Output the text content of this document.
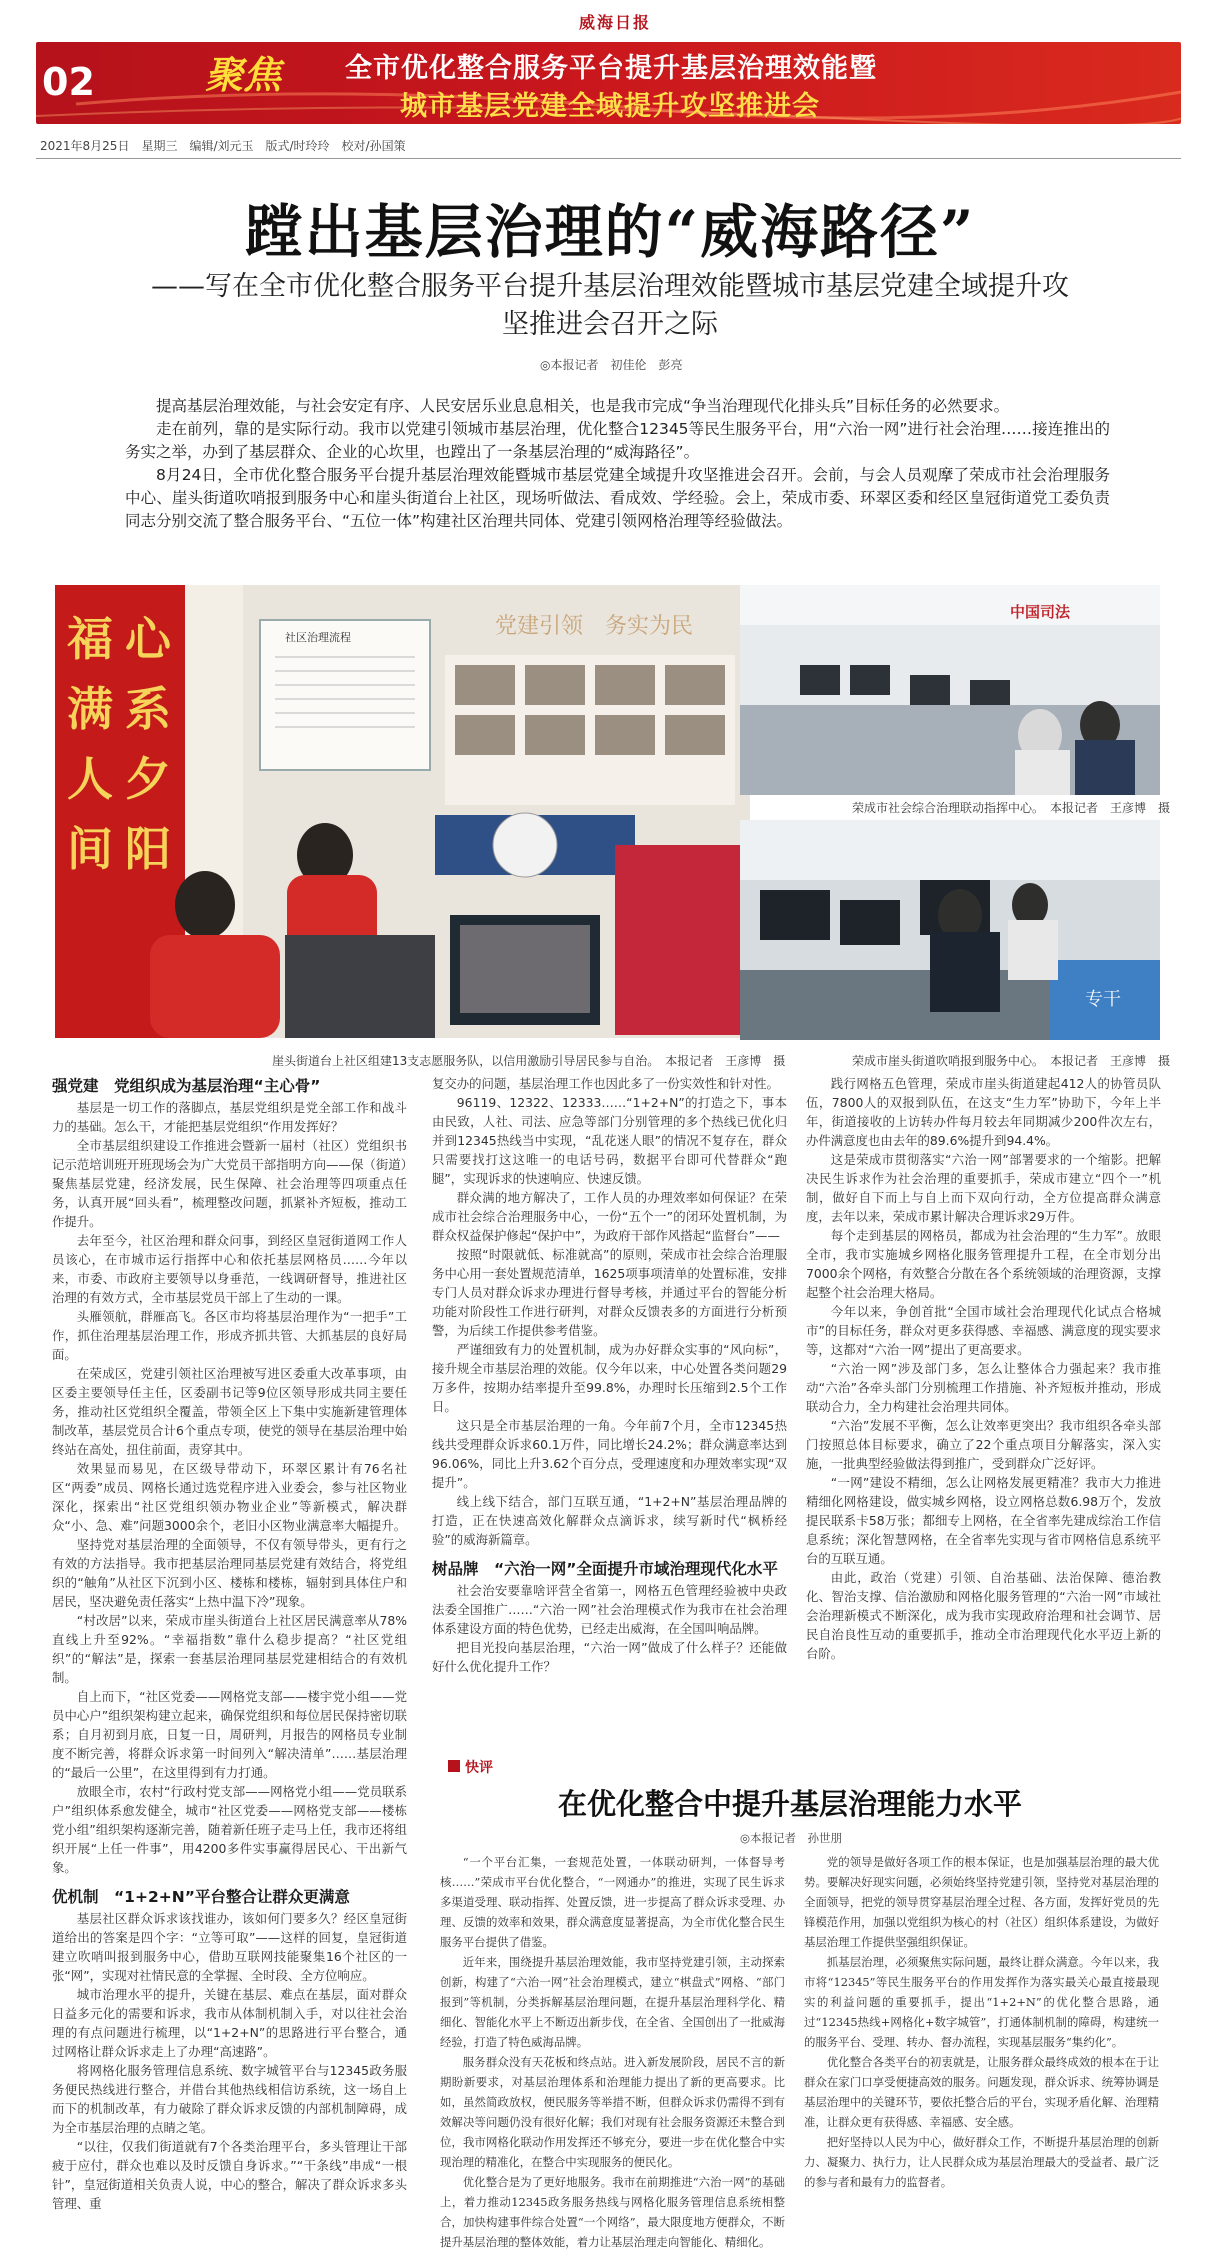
威海日报
02	聚焦 全市优化整合服务平台提升基层治理效能暨
城市基层党建全域提升攻坚推进会
2021年8月25日　星期三　编辑/刘元玉　版式/时玲玲　校对/孙国策
蹚出基层治理的“威海路径”
——写在全市优化整合服务平台提升基层治理效能暨城市基层党建全域提升攻坚推进会召开之际
◎本报记者　初佳伦　彭亮

提高基层治理效能，与社会安定有序、人民安居乐业息息相关，也是我市完成“争当治理现代化排头兵”目标任务的必然要求。

走在前列，靠的是实际行动。我市以党建引领城市基层治理，优化整合12345等民生服务平台，用“六治一网”进行社会治理……接连推出的务实之举，办到了基层群众、企业的心坎里，也蹚出了一条基层治理的“威海路径”。

8月24日，全市优化整合服务平台提升基层治理效能暨城市基层党建全域提升攻坚推进会召开。会前，与会人员观摩了荣成市社会治理服务中心、崖头街道吹哨报到服务中心和崖头街道台上社区，现场听做法、看成效、学经验。会上，荣成市委、环翠区委和经区皇冠街道党工委负责同志分别交流了整合服务平台、“五位一体”构建社区治理共同体、党建引领网格治理等经验做法。

心
系
夕
阳
福
满
人
间
社区治理流程	党建引领　务实为民
崖头街道台上社区组建13支志愿服务队，以信用激励引导居民参与自治。　本报记者　王彦博　摄
中国司法
荣成市社会综合治理联动指挥中心。　本报记者　王彦博　摄
专干
荣成市崖头街道吹哨报到服务中心。　本报记者　王彦博　摄

强党建　党组织成为基层治理“主心骨”

基层是一切工作的落脚点，基层党组织是党全部工作和战斗力的基础。怎么干，才能把基层党组织“作用发挥好？

全市基层组织建设工作推进会暨新一届村（社区）党组织书记示范培训班开班现场会为广大党员干部指明方向——保（街道）聚焦基层党建，经济发展，民生保障、社会治理等四项重点任务，认真开展“回头看”，梳理整改问题，抓紧补齐短板，推动工作提升。

去年至今，社区治理和群众问事，到经区皇冠街道网工作人员该心，在市城市运行指挥中心和依托基层网格员……今年以来，市委、市政府主要领导以身垂范，一线调研督导，推进社区治理的有效方式，全市基层党员干部上了生动的一课。

头雁领航，群雁高飞。各区市均将基层治理作为“一把手”工作，抓住治理基层治理工作，形成齐抓共管、大抓基层的良好局面。

在荣成区，党建引领社区治理被写进区委重大改革事项，由区委主要领导任主任，区委副书记等9位区领导形成共同主要任务，推动社区党组织全覆盖，带领全区上下集中实施新建管理体制改革，基层党员合计6个重点专项，使党的领导在基层治理中始终站在高处，扭住前面，责穿其中。

效果显而易见，在区级导带动下，环翠区累计有76名社区“两委”成员、网格长通过选党程序进入业委会，参与社区物业深化，探索出“社区党组织领办物业企业”等新模式，解决群众“小、急、难”问题3000余个，老旧小区物业满意率大幅提升。

坚持党对基层治理的全面领导，不仅有领导带头，更有行之有效的方法指导。我市把基层治理同基层党建有效结合，将党组织的“触角”从社区下沉到小区、楼栋和楼栋，辐射到具体住户和居民，坚决避免责任落实“上热中温下冷”现象。

“村改居”以来，荣成市崖头街道台上社区居民满意率从78%直线上升至92%。“幸福指数”靠什么稳步提高？“社区党组织”的“解法”是，探索一套基层治理同基层党建相结合的有效机制。

自上而下，“社区党委——网格党支部——楼宇党小组——党员中心户”组织架构建立起来，确保党组织和每位居民保持密切联系；自月初到月底，日复一日，周研判，月报告的网格员专业制度不断完善，将群众诉求第一时间列入“解决清单”……基层治理的“最后一公里”，在这里得到有力打通。

放眼全市，农村“行政村党支部——网格党小组——党员联系户”组织体系愈发健全，城市“社区党委——网格党支部——楼栋党小组”组织架构逐渐完善，随着新任班子走马上任，我市还将组织开展“上任一件事”，用4200多件实事赢得居民心、干出新气象。

优机制　“1+2+N”平台整合让群众更满意

基层社区群众诉求该找谁办，该如何门要多久？经区皇冠街道给出的答案是四个字：“立等可取”——这样的回复，皇冠街道建立吹哨叫报到服务中心，借助互联网技能聚集16个社区的一张“网”，实现对社情民意的全掌握、全时段、全方位响应。

城市治理水平的提升，关键在基层、难点在基层，面对群众日益多元化的需要和诉求，我市从体制机制入手，对以往社会治理的有点问题进行梳理，以“1+2+N”的思路进行平台整合，通过网格让群众诉求走上了办理“高速路”。

将网格化服务管理信息系统、数字城管平台与12345政务服务便民热线进行整合，并借台其他热线相信访系统，这一场自上而下的机制改革，有力破除了群众诉求反馈的内部机制障碍，成为全市基层治理的点睛之笔。

“以往，仅我们街道就有7个各类治理平台，多头管理让干部疲于应付，群众也难以及时反馈自身诉求。”“干条线”串成“一根针”，皇冠街道相关负责人说，中心的整合，解决了群众诉求多头管理、重

复交办的问题，基层治理工作也因此多了一份实效性和针对性。

96119、12322、12333……“1+2+N”的打造之下，事本由民致，人社、司法、应急等部门分别管理的多个热线已优化归并到12345热线当中实现，“乱花迷人眼”的情况不复存在，群众只需要找打这这唯一的电话号码，数据平台即可代替群众“跑腿”，实现诉求的快速响应、快速反馈。

群众满的地方解决了，工作人员的办理效率如何保证？在荣成市社会综合治理服务中心，一份“五个一”的闭环处置机制，为群众权益保护修起“保护中”，为政府干部作风搭起“监督台”——

按照“时限就低、标准就高”的原则，荣成市社会综合治理服务中心用一套处置规范清单，1625项事项清单的处置标准，安排专门人员对群众诉求办理进行督导考核，并通过平台的智能分析功能对阶段性工作进行研判，对群众反馈表多的方面进行分析预警，为后续工作提供参考借鉴。

严谨细致有力的处置机制，成为办好群众实事的“风向标”，接升规全市基层治理的效能。仅今年以来，中心处置各类问题29万多件，按期办结率提升至99.8%，办理时长压缩到2.5个工作日。

这只是全市基层治理的一角。今年前7个月，全市12345热线共受理群众诉求60.1万件，同比增长24.2%；群众满意率达到96.06%，同比上升3.62个百分点，受理速度和办理效率实现“双提升”。

线上线下结合，部门互联互通，“1+2+N”基层治理品牌的打造，正在快速高效化解群众点滴诉求，续写新时代“枫桥经验”的威海新篇章。

树品牌　“六治一网”全面提升市域治理现代化水平

社会治安要靠啥评营全省第一，网格五色管理经验被中央政法委全国推广……“六治一网”社会治理模式作为我市在社会治理体系建设方面的特色优势，已经走出威海，在全国叫响品牌。

把目光投向基层治理，“六治一网”做成了什么样子？还能做好什么优化提升工作？

践行网格五色管理，荣成市崖头街道建起412人的协管员队伍，7800人的双报到队伍，在这支“生力军”协助下，今年上半年，街道接收的上访转办件每月较去年同期减少200件次左右，办件满意度也由去年的89.6%提升到94.4%。

这是荣成市贯彻落实“六治一网”部署要求的一个缩影。把解决民生诉求作为社会治理的重要抓手，荣成市建立“四个一”机制，做好自下而上与自上而下双向行动，全方位提高群众满意度，去年以来，荣成市累计解决合理诉求29万件。

每个走到基层的网格员，都成为社会治理的“生力军”。放眼全市，我市实施城乡网格化服务管理提升工程，在全市划分出7000余个网格，有效整合分散在各个系统领域的治理资源，支撑起整个社会治理大格局。

今年以来，争创首批“全国市域社会治理现代化试点合格城市”的目标任务，群众对更多获得感、幸福感、满意度的现实要求等，这都对“六治一网”提出了更高要求。

“六治一网”涉及部门多，怎么让整体合力强起来？我市推动“六治”各牵头部门分别梳理工作措施、补齐短板并推动，形成联动合力，全力构建社会治理共同体。

“六治”发展不平衡，怎么让效率更突出？我市组织各牵头部门按照总体目标要求，确立了22个重点项目分解落实，深入实施，一批典型经验做法得到推广，受到群众广泛好评。

“一网”建设不精细，怎么让网格发展更精准？我市大力推进精细化网格建设，做实城乡网格，设立网格总数6.98万个，发放提民联系卡58万张；都细专上网格，在全省率先建成综治工作信息系统；深化智慧网格，在全省率先实现与省市网格信息系统平台的互联互通。

由此，政治（党建）引领、自治基础、法治保障、德治教化、智治支撑、信治激励和网格化服务管理的“六治一网”市域社会治理新模式不断深化，成为我市实现政府治理和社会调节、居民自治良性互动的重要抓手，推动全市治理现代化水平迈上新的台阶。

快评
在优化整合中提升基层治理能力水平
◎本报记者　孙世朋

“一个平台汇集，一套规范处置，一体联动研判，一体督导考核……”荣成市平台优化整合，“一网通办”的推进，实现了民生诉求多渠道受理、联动指挥、处置反馈，进一步提高了群众诉求受理、办理、反馈的效率和效果，群众满意度显著提高，为全市优化整合民生服务平台提供了借鉴。

近年来，围绕提升基层治理效能，我市坚持党建引领，主动探索创新，构建了“六治一网”社会治理模式，建立“棋盘式”网格、“部门报到”等机制，分类拆解基层治理问题，在提升基层治理科学化、精细化、智能化水平上不断迈出新步伐，在全省、全国创出了一批威海经验，打造了特色威海品牌。

服务群众没有天花板和终点站。进入新发展阶段，居民不言的新期盼新要求，对基层治理体系和治理能力提出了新的更高要求。比如，虽然简政放权，便民服务等举措不断，但群众诉求仍需得不到有效解决等问题仍没有很好化解；我们对现有社会服务资源还未整合到位，我市网格化联动作用发挥还不够充分，要进一步在优化整合中实现治理的精准化，在整合中实现服务的便民化。

优化整合是为了更好地服务。我市在前期推进“六治一网”的基础上，着力推动12345政务服务热线与网格化服务管理信息系统相整合，加快构建事件综合处置“一个网络”，最大限度地方便群众，不断提升基层治理的整体效能，着力让基层治理走向智能化、精细化。

党的领导是做好各项工作的根本保证，也是加强基层治理的最大优势。要解决好现实问题，必须始终坚持党建引领，坚持党对基层治理的全面领导，把党的领导贯穿基层治理全过程、各方面，发挥好党员的先锋模范作用，加强以党组织为核心的村（社区）组织体系建设，为做好基层治理工作提供坚强组织保证。

抓基层治理，必须聚焦实际问题，最终让群众满意。今年以来，我市将“12345”等民生服务平台的作用发挥作为落实最关心最直接最现实的利益问题的重要抓手，提出“1+2+N”的优化整合思路，通过“12345热线+网格化+数字城管”，打通体制机制的障碍，构建统一的服务平台、受理、转办、督办流程，实现基层服务“集约化”。

优化整合各类平台的初衷就是，让服务群众最终成效的根本在于让群众在家门口享受便捷高效的服务。问题发现，群众诉求、统筹协调是基层治理中的关键环节，要依托整合后的平台，实现矛盾化解、治理精准，让群众更有获得感、幸福感、安全感。

把好坚持以人民为中心，做好群众工作，不断提升基层治理的创新力、凝聚力、执行力，让人民群众成为基层治理最大的受益者、最广泛的参与者和最有力的监督者。
